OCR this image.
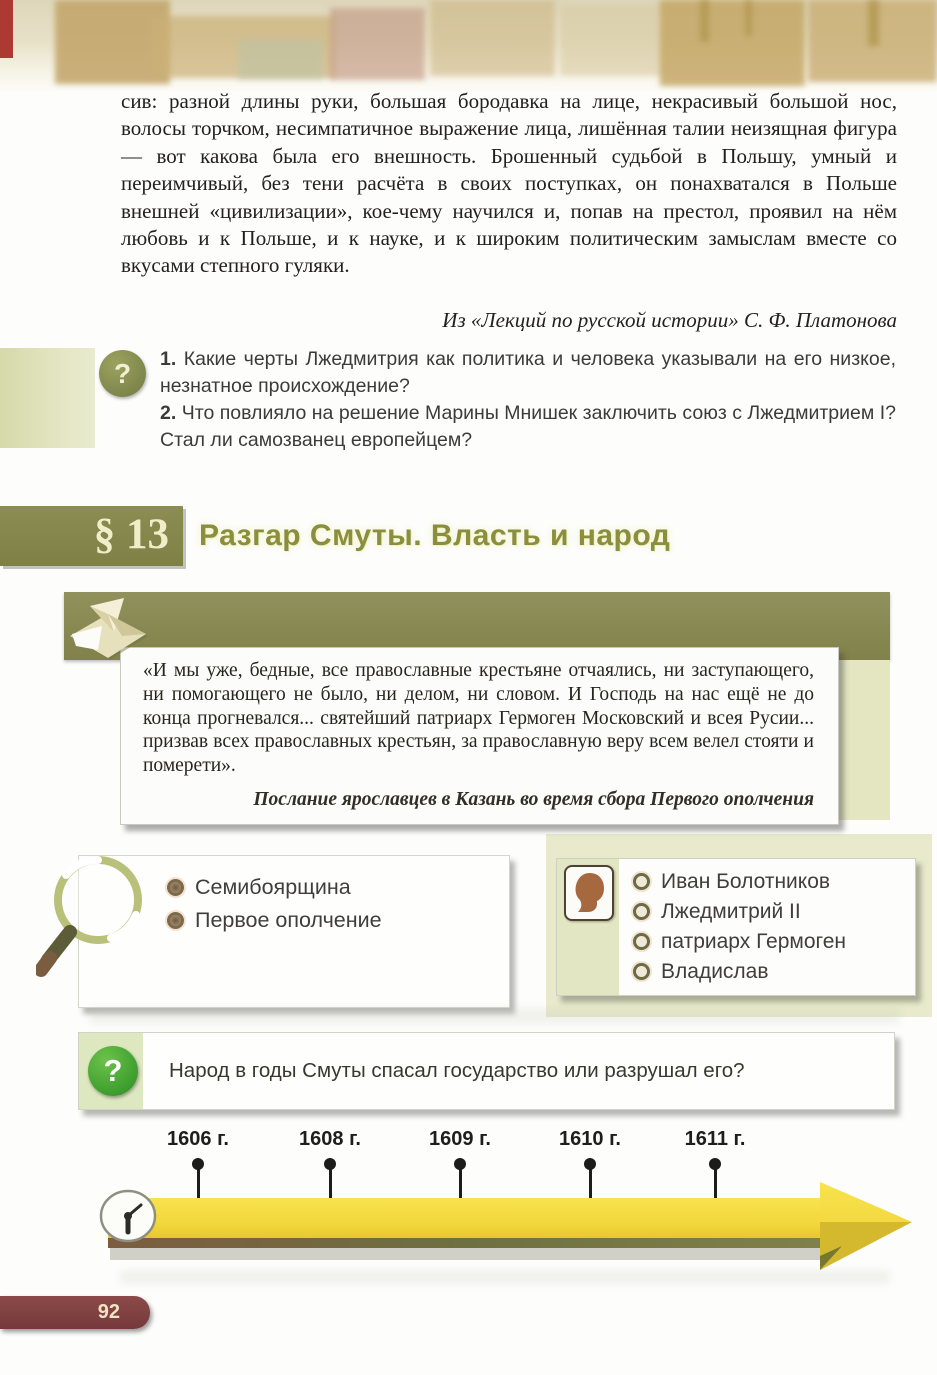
сив: разной длины руки, большая бородавка на лице, некрасивый большой нос, волосы торчком, несимпатичное выражение лица, лишённая талии неизящная фигура — вот какова была его внешность. Брошенный судьбой в Польшу, умный и переимчивый, без тени расчёта в своих поступках, он понахватался в Польше внешней «цивилизации», кое-чему научился и, попав на престол, проявил на нём любовь и к Польше, и к науке, и к широким политическим замыслам вместе со вкусами степного гуляки.
Из «Лекций по русской истории» С. Ф. Платонова
? 1. Какие черты Лжедмитрия как политика и человека указывали на его низкое, незнатное происхождение?

2. Что повлияло на решение Марины Мнишек заключить союз с Лжедмитрием I? Стал ли самозванец европейцем?

§ 13	Разгар Смуты. Власть и народ

«И мы уже, бедные, все православные крестьяне отчаялись, ни заступающего, ни помогающего не было, ни делом, ни словом. И Господь на нас ещё не до конца прогневался... святейший патриарх Гермоген Московский и всея Русии... призвав всех православных крестьян, за православную веру всем велел стояти и померети».

Послание ярославцев в Казань во время сбора Первого ополчения

Семибоярщина
Первое ополчение
Иван Болотников
Лжедмитрий II
патриарх Гермоген
Владислав
?	Народ в годы Смуты спасал государство или разрушал его?
1606 г.	1608 г.	1609 г.	1610 г.	1611 г.
92
